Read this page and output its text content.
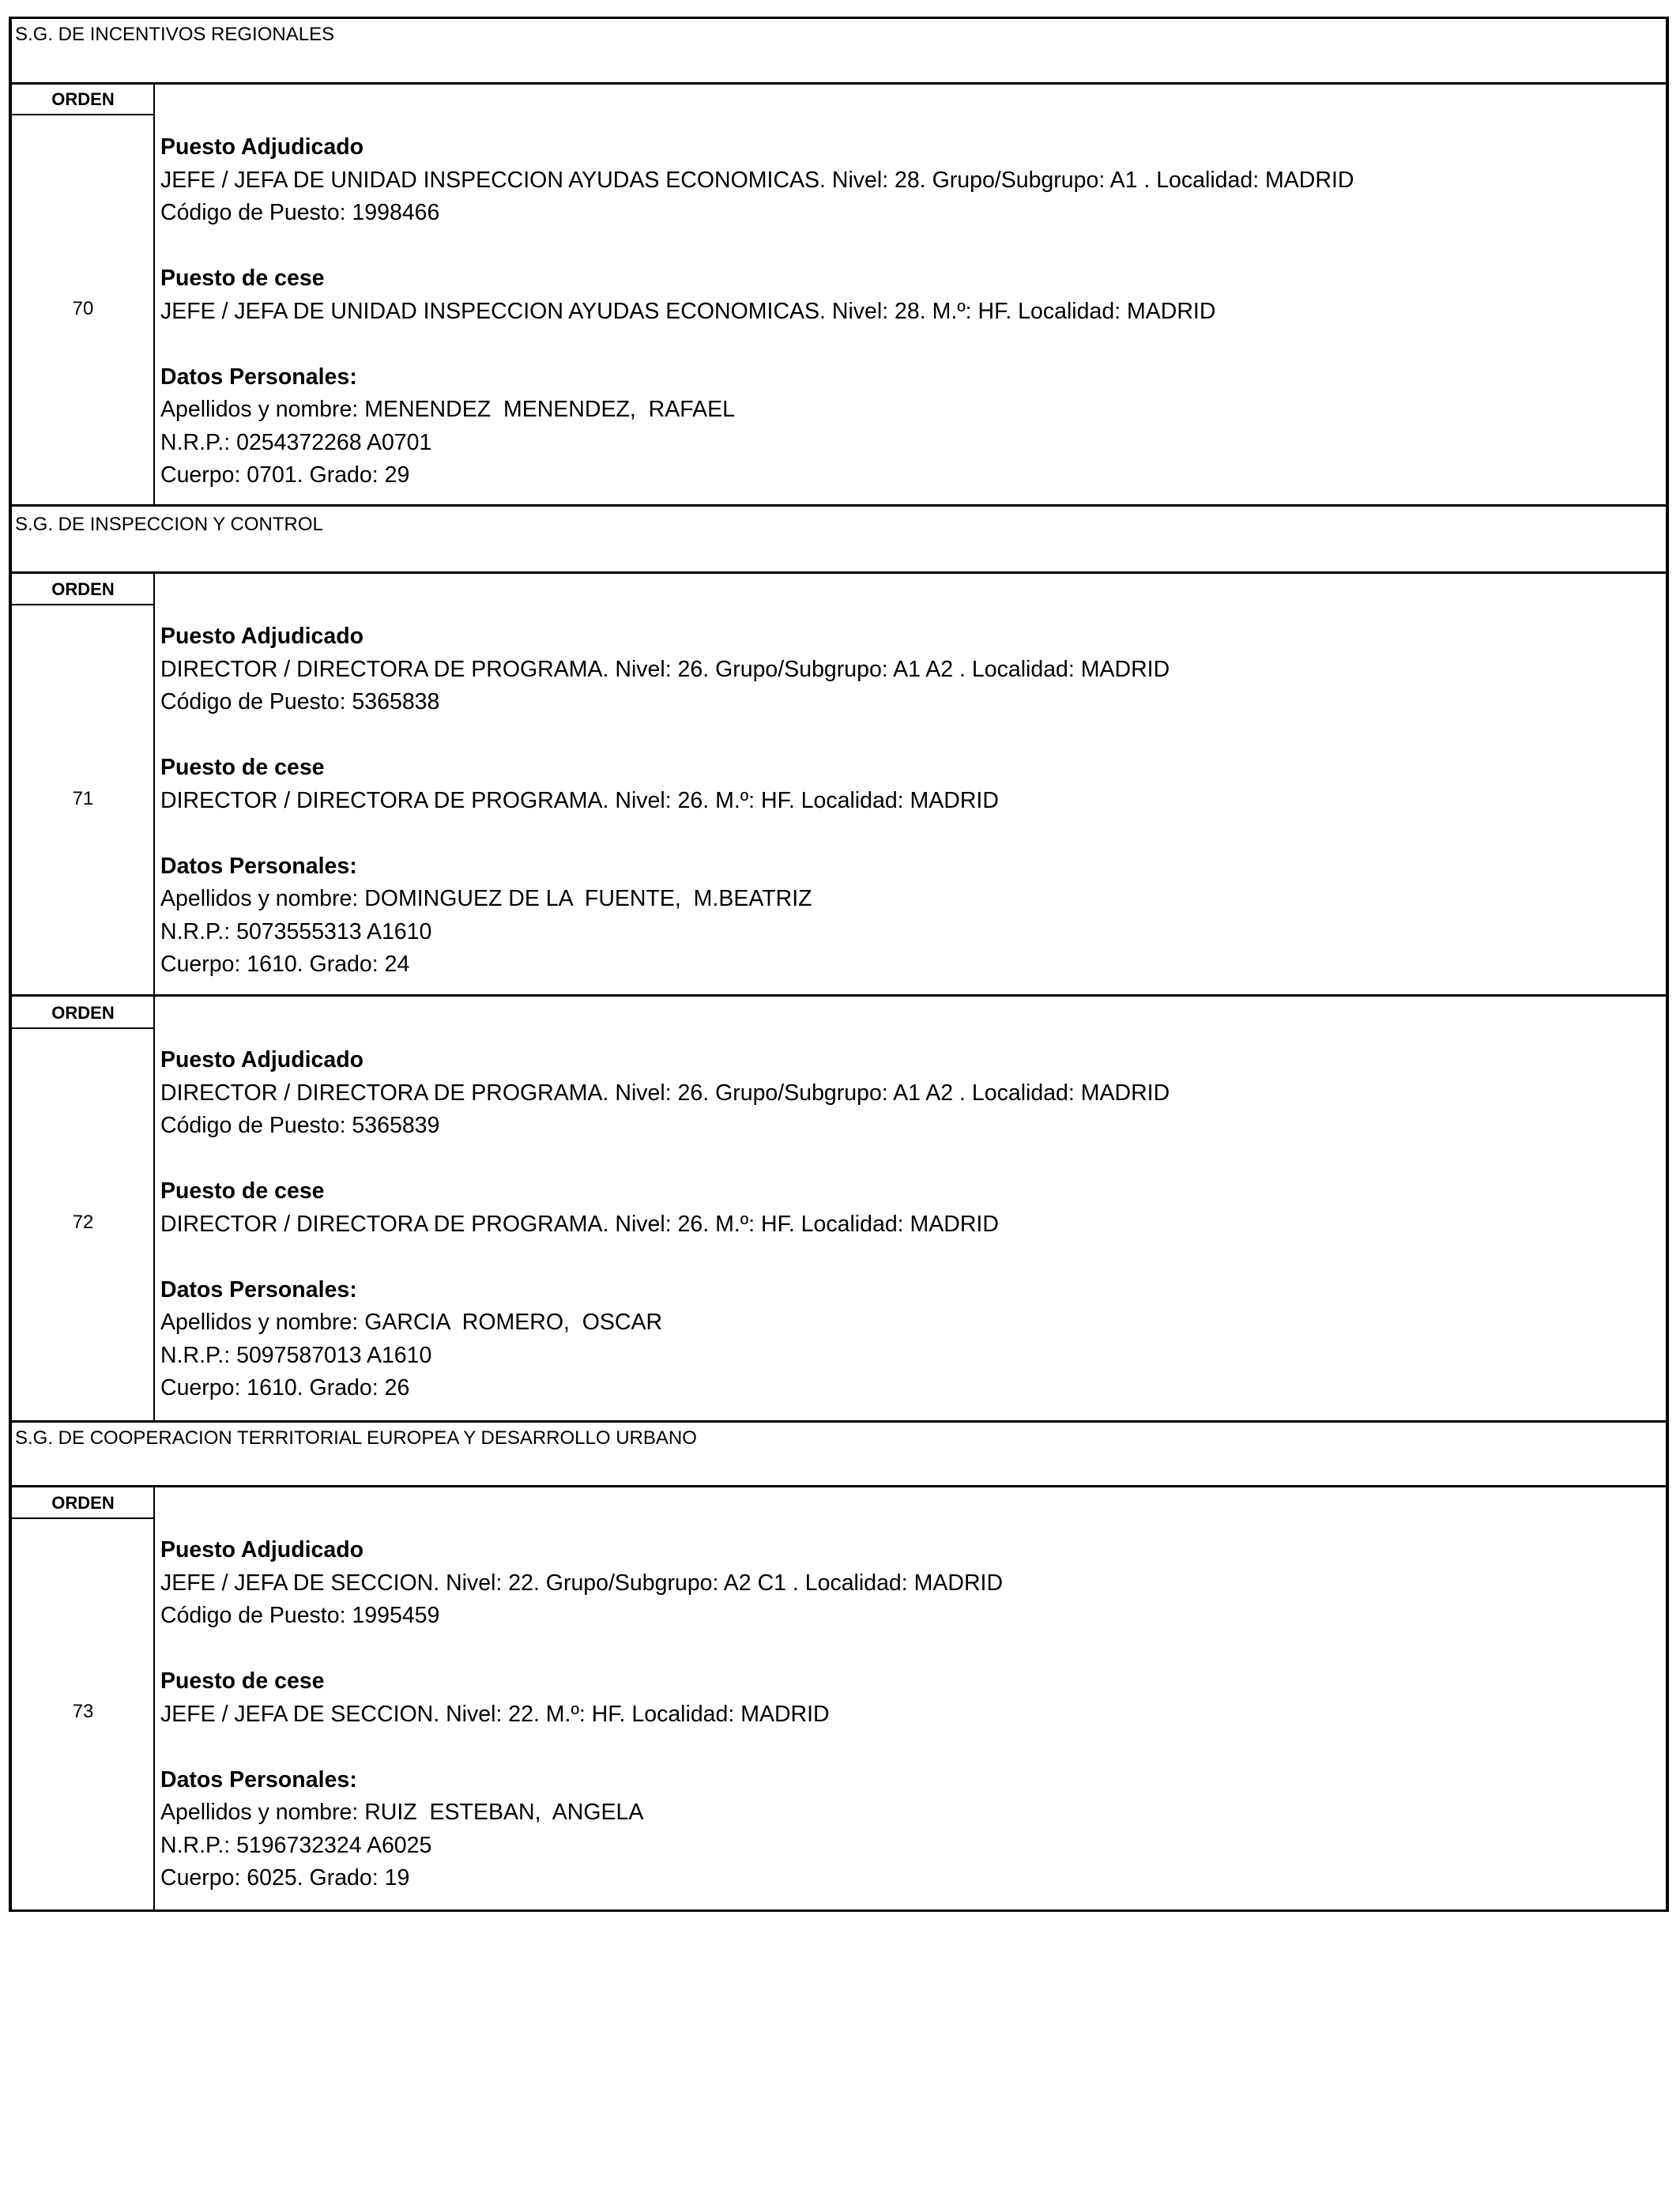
S.G. DE INCENTIVOS REGIONALES
ORDEN
70
Puesto Adjudicado
JEFE / JEFA DE UNIDAD INSPECCION AYUDAS ECONOMICAS. Nivel: 28. Grupo/Subgrupo: A1 . Localidad: MADRID
Código de Puesto: 1998466
Puesto de cese
JEFE / JEFA DE UNIDAD INSPECCION AYUDAS ECONOMICAS. Nivel: 28. M.º: HF. Localidad: MADRID
Datos Personales:
Apellidos y nombre: MENENDEZ  MENENDEZ,  RAFAEL
N.R.P.: 0254372268 A0701
Cuerpo: 0701. Grado: 29
S.G. DE INSPECCION Y CONTROL
ORDEN
71
Puesto Adjudicado
DIRECTOR / DIRECTORA DE PROGRAMA. Nivel: 26. Grupo/Subgrupo: A1 A2 . Localidad: MADRID
Código de Puesto: 5365838
Puesto de cese
DIRECTOR / DIRECTORA DE PROGRAMA. Nivel: 26. M.º: HF. Localidad: MADRID
Datos Personales:
Apellidos y nombre: DOMINGUEZ DE LA  FUENTE,  M.BEATRIZ
N.R.P.: 5073555313 A1610
Cuerpo: 1610. Grado: 24
ORDEN
72
Puesto Adjudicado
DIRECTOR / DIRECTORA DE PROGRAMA. Nivel: 26. Grupo/Subgrupo: A1 A2 . Localidad: MADRID
Código de Puesto: 5365839
Puesto de cese
DIRECTOR / DIRECTORA DE PROGRAMA. Nivel: 26. M.º: HF. Localidad: MADRID
Datos Personales:
Apellidos y nombre: GARCIA  ROMERO,  OSCAR
N.R.P.: 5097587013 A1610
Cuerpo: 1610. Grado: 26
S.G. DE COOPERACION TERRITORIAL EUROPEA Y DESARROLLO URBANO
ORDEN
73
Puesto Adjudicado
JEFE / JEFA DE SECCION. Nivel: 22. Grupo/Subgrupo: A2 C1 . Localidad: MADRID
Código de Puesto: 1995459
Puesto de cese
JEFE / JEFA DE SECCION. Nivel: 22. M.º: HF. Localidad: MADRID
Datos Personales:
Apellidos y nombre: RUIZ  ESTEBAN,  ANGELA
N.R.P.: 5196732324 A6025
Cuerpo: 6025. Grado: 19
